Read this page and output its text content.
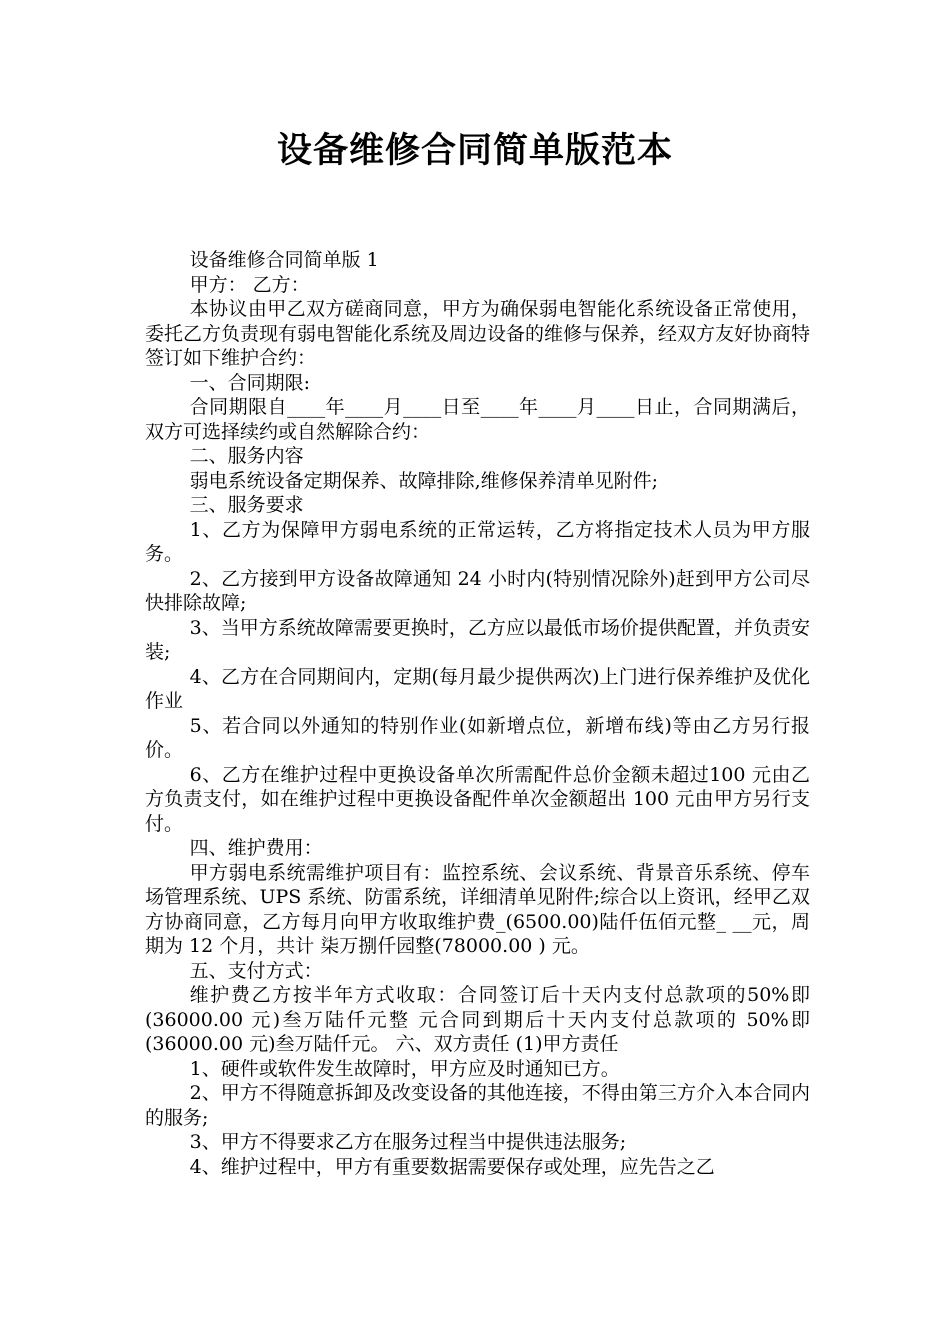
设备维修合同简单版范本

设备维修合同简单版 1

甲方： 乙方：

本协议由甲乙双方磋商同意，甲方为确保弱电智能化系统设备正常使用，委托乙方负责现有弱电智能化系统及周边设备的维修与保养，经双方友好协商特签订如下维护合约：

一、合同期限:

合同期限自____年____月____日至____年____月____日止，合同期满后，双方可选择续约或自然解除合约：

二、服务内容

弱电系统设备定期保养、故障排除,维修保养清单见附件;

三、服务要求

1、乙方为保障甲方弱电系统的正常运转，乙方将指定技术人员为甲方服务。

2、乙方接到甲方设备故障通知 24 小时内(特别情况除外)赶到甲方公司尽快排除故障;

3、当甲方系统故障需要更换时，乙方应以最低市场价提供配置，并负责安装;

4、乙方在合同期间内，定期(每月最少提供两次)上门进行保养维护及优化作业

5、若合同以外通知的特别作业(如新增点位，新增布线)等由乙方另行报价。

6、乙方在维护过程中更换设备单次所需配件总价金额未超过100 元由乙方负责支付，如在维护过程中更换设备配件单次金额超出 100 元由甲方另行支付。

四、维护费用：

甲方弱电系统需维护项目有：监控系统、会议系统、背景音乐系统、停车场管理系统、UPS 系统、防雷系统，详细清单见附件;综合以上资讯，经甲乙双方协商同意，乙方每月向甲方收取维护费_(6500.00)陆仟伍佰元整_ __元，周期为 12 个月，共计 柒万捌仟园整(78000.00 ) 元。

五、支付方式：

维护费乙方按半年方式收取：合同签订后十天内支付总款项的50%即(36000.00 元)叁万陆仟元整 元合同到期后十天内支付总款项的 50%即 (36000.00 元)叁万陆仟元。 六、双方责任 (1)甲方责任

1、硬件或软件发生故障时，甲方应及时通知已方。

2、甲方不得随意拆卸及改变设备的其他连接，不得由第三方介入本合同内的服务;

3、甲方不得要求乙方在服务过程当中提供违法服务;

4、维护过程中，甲方有重要数据需要保存或处理，应先告之乙
